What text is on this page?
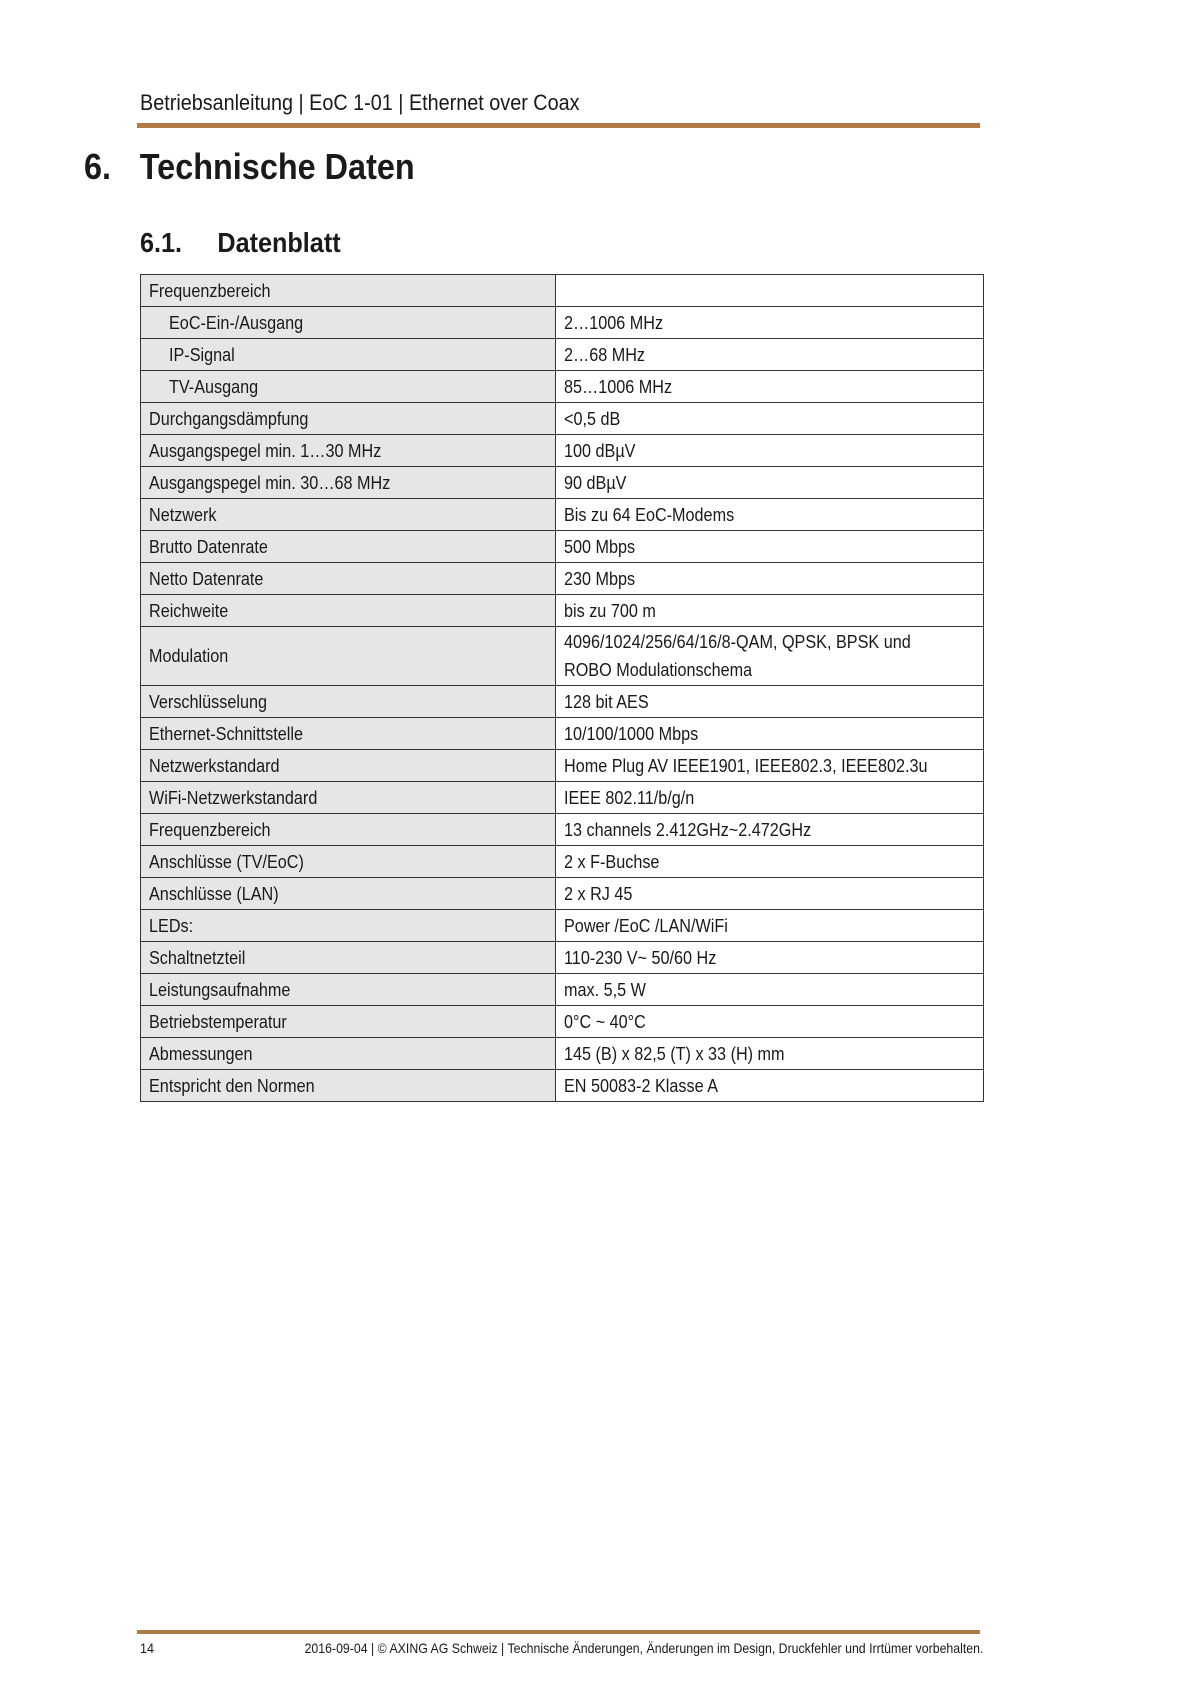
Betriebsanleitung | EoC 1-01 | Ethernet over Coax
6. Technische Daten
6.1. Datenblatt
Frequenzbereich	
EoC-Ein-/Ausgang	2…1006 MHz
IP-Signal	2…68 MHz
TV-Ausgang	85…1006 MHz
Durchgangsdämpfung	<0,5 dB
Ausgangspegel min. 1…30 MHz	100 dBµV
Ausgangspegel min. 30…68 MHz	90 dBµV
Netzwerk	Bis zu 64 EoC-Modems
Brutto Datenrate	500 Mbps
Netto Datenrate	230 Mbps
Reichweite	bis zu 700 m
Modulation	4096/1024/256/64/16/8-QAM, QPSK, BPSK und
ROBO Modulationschema
Verschlüsselung	128 bit AES
Ethernet-Schnittstelle	10/100/1000 Mbps
Netzwerkstandard	Home Plug AV IEEE1901, IEEE802.3, IEEE802.3u
WiFi-Netzwerkstandard	IEEE 802.11/b/g/n
Frequenzbereich	13 channels 2.412GHz~2.472GHz
Anschlüsse (TV/EoC)	2 x F-Buchse
Anschlüsse (LAN)	2 x RJ 45
LEDs:	Power /EoC /LAN/WiFi
Schaltnetzteil	110-230 V~ 50/60 Hz
Leistungsaufnahme	max. 5,5 W
Betriebstemperatur	0°C ~ 40°C
Abmessungen	145 (B) x 82,5 (T) x 33 (H) mm
Entspricht den Normen	EN 50083-2 Klasse A
14	2016-09-04 | © AXING AG Schweiz | Technische Änderungen, Änderungen im Design, Druckfehler und Irrtümer vorbehalten.
